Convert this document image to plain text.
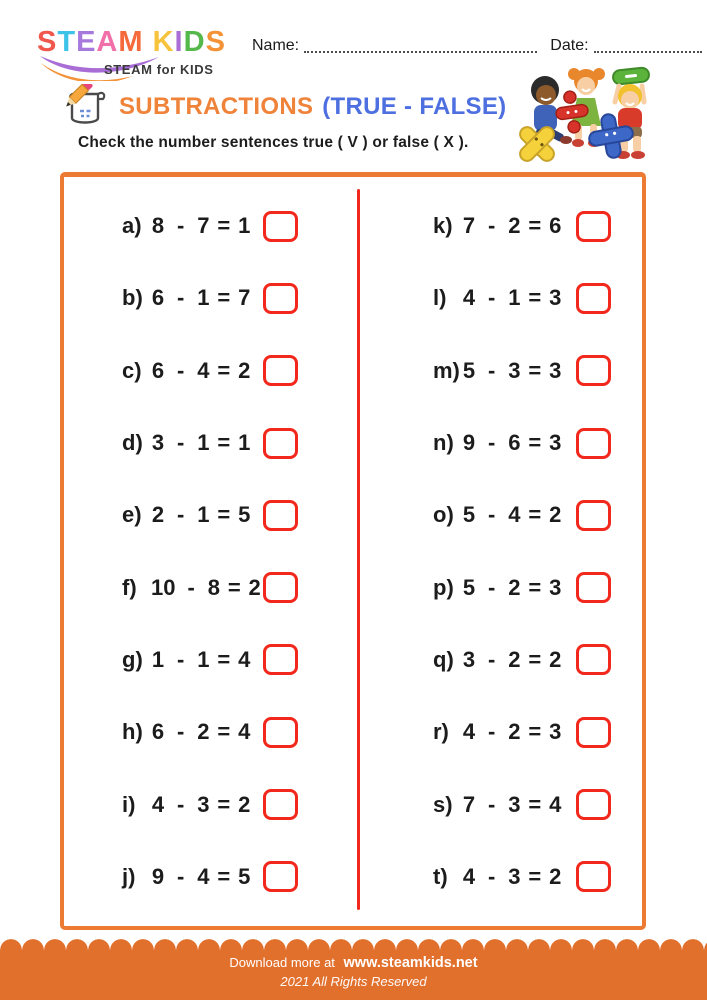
STEAM KIDS
STEAM for KIDS
Name:	Date:
SUBTRACTIONS (TRUE - FALSE)
Check the number sentences true ( V ) or false ( X ).
a) 8 - 7 = 1
b) 6 - 1 = 7
c) 6 - 4 = 2
d) 3 - 1 = 1
e) 2 - 1 = 5
f) 10 - 8 = 2
g) 1 - 1 = 4
h) 6 - 2 = 4
i) 4 - 3 = 2
j) 9 - 4 = 5
k) 7 - 2 = 6
l) 4 - 1 = 3
m) 5 - 3 = 3
n) 9 - 6 = 3
o) 5 - 4 = 2
p) 5 - 2 = 3
q) 3 - 2 = 2
r) 4 - 2 = 3
s) 7 - 3 = 4
t) 4 - 3 = 2
Download more at www.steamkids.net
2021 All Rights Reserved
